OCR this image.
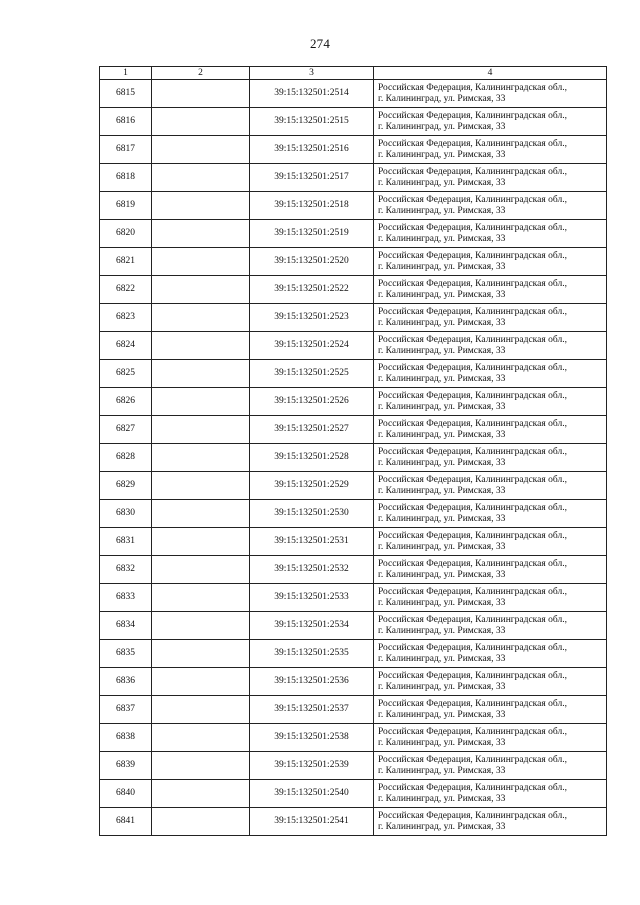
274
1	2	3	4
6815		39:15:132501:2514	Российская Федерация, Калининградская обл.,
г. Калининград, ул. Римская, 33

6816		39:15:132501:2515	Российская Федерация, Калининградская обл.,
г. Калининград, ул. Римская, 33

6817		39:15:132501:2516	Российская Федерация, Калининградская обл.,
г. Калининград, ул. Римская, 33

6818		39:15:132501:2517	Российская Федерация, Калининградская обл.,
г. Калининград, ул. Римская, 33

6819		39:15:132501:2518	Российская Федерация, Калининградская обл.,
г. Калининград, ул. Римская, 33

6820		39:15:132501:2519	Российская Федерация, Калининградская обл.,
г. Калининград, ул. Римская, 33

6821		39:15:132501:2520	Российская Федерация, Калининградская обл.,
г. Калининград, ул. Римская, 33

6822		39:15:132501:2522	Российская Федерация, Калининградская обл.,
г. Калининград, ул. Римская, 33

6823		39:15:132501:2523	Российская Федерация, Калининградская обл.,
г. Калининград, ул. Римская, 33

6824		39:15:132501:2524	Российская Федерация, Калининградская обл.,
г. Калининград, ул. Римская, 33

6825		39:15:132501:2525	Российская Федерация, Калининградская обл.,
г. Калининград, ул. Римская, 33

6826		39:15:132501:2526	Российская Федерация, Калининградская обл.,
г. Калининград, ул. Римская, 33

6827		39:15:132501:2527	Российская Федерация, Калининградская обл.,
г. Калининград, ул. Римская, 33

6828		39:15:132501:2528	Российская Федерация, Калининградская обл.,
г. Калининград, ул. Римская, 33

6829		39:15:132501:2529	Российская Федерация, Калининградская обл.,
г. Калининград, ул. Римская, 33

6830		39:15:132501:2530	Российская Федерация, Калининградская обл.,
г. Калининград, ул. Римская, 33

6831		39:15:132501:2531	Российская Федерация, Калининградская обл.,
г. Калининград, ул. Римская, 33

6832		39:15:132501:2532	Российская Федерация, Калининградская обл.,
г. Калининград, ул. Римская, 33

6833		39:15:132501:2533	Российская Федерация, Калининградская обл.,
г. Калининград, ул. Римская, 33

6834		39:15:132501:2534	Российская Федерация, Калининградская обл.,
г. Калининград, ул. Римская, 33

6835		39:15:132501:2535	Российская Федерация, Калининградская обл.,
г. Калининград, ул. Римская, 33

6836		39:15:132501:2536	Российская Федерация, Калининградская обл.,
г. Калининград, ул. Римская, 33

6837		39:15:132501:2537	Российская Федерация, Калининградская обл.,
г. Калининград, ул. Римская, 33

6838		39:15:132501:2538	Российская Федерация, Калининградская обл.,
г. Калининград, ул. Римская, 33

6839		39:15:132501:2539	Российская Федерация, Калининградская обл.,
г. Калининград, ул. Римская, 33

6840		39:15:132501:2540	Российская Федерация, Калининградская обл.,
г. Калининград, ул. Римская, 33

6841		39:15:132501:2541	Российская Федерация, Калининградская обл.,
г. Калининград, ул. Римская, 33
